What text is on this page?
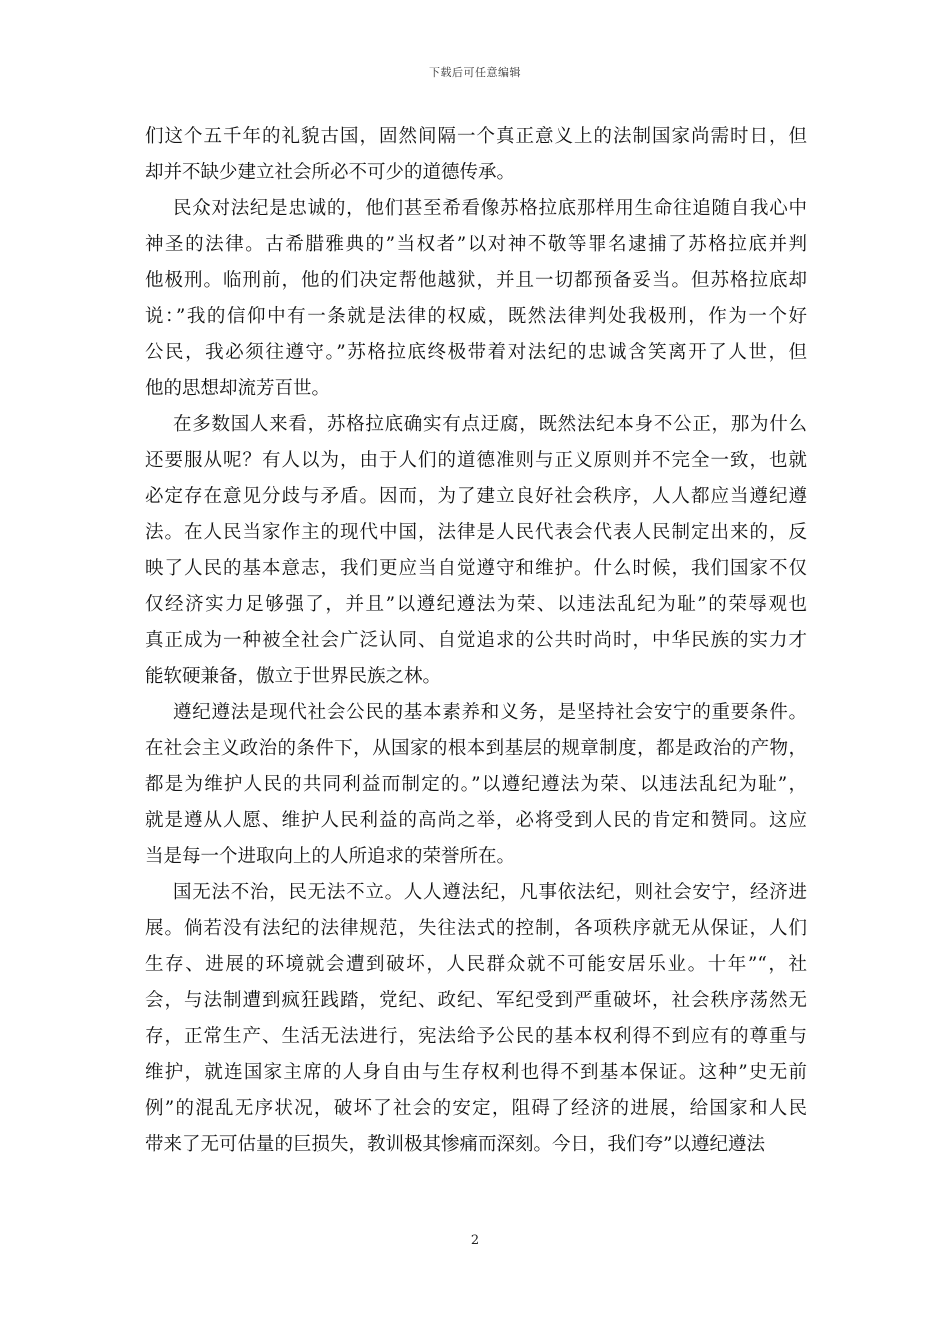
下载后可任意编辑
们这个五千年的礼貌古国，固然间隔一个真正意义上的法制国家尚需时日，但
却并不缺少建立社会所必不可少的道德传承。
民众对法纪是忠诚的，他们甚至希看像苏格拉底那样用生命往追随自我心中
神圣的法律。古希腊雅典的”当权者”以对神不敬等罪名逮捕了苏格拉底并判
他极刑。临刑前，他的们决定帮他越狱，并且一切都预备妥当。但苏格拉底却
说：”我的信仰中有一条就是法律的权威，既然法律判处我极刑，作为一个好
公民，我必须往遵守。”苏格拉底终极带着对法纪的忠诚含笑离开了人世，但
他的思想却流芳百世。
在多数国人来看，苏格拉底确实有点迂腐，既然法纪本身不公正，那为什么
还要服从呢？有人以为，由于人们的道德准则与正义原则并不完全一致，也就
必定存在意见分歧与矛盾。因而，为了建立良好社会秩序，人人都应当遵纪遵
法。在人民当家作主的现代中国，法律是人民代表会代表人民制定出来的，反
映了人民的基本意志，我们更应当自觉遵守和维护。什么时候，我们国家不仅
仅经济实力足够强了，并且”以遵纪遵法为荣、以违法乱纪为耻”的荣辱观也
真正成为一种被全社会广泛认同、自觉追求的公共时尚时，中华民族的实力才
能软硬兼备，傲立于世界民族之林。
遵纪遵法是现代社会公民的基本素养和义务，是坚持社会安宁的重要条件。
在社会主义政治的条件下，从国家的根本到基层的规章制度，都是政治的产物，
都是为维护人民的共同利益而制定的。”以遵纪遵法为荣、以违法乱纪为耻”，
就是遵从人愿、维护人民利益的高尚之举，必将受到人民的肯定和赞同。这应
当是每一个进取向上的人所追求的荣誉所在。
国无法不治，民无法不立。人人遵法纪，凡事依法纪，则社会安宁，经济进
展。倘若没有法纪的法律规范，失往法式的控制，各项秩序就无从保证，人们
生存、进展的环境就会遭到破坏，人民群众就不可能安居乐业。十年”“，社
会，与法制遭到疯狂践踏，党纪、政纪、军纪受到严重破坏，社会秩序荡然无
存，正常生产、生活无法进行，宪法给予公民的基本权利得不到应有的尊重与
维护，就连国家主席的人身自由与生存权利也得不到基本保证。这种”史无前
例”的混乱无序状况，破坏了社会的安定，阻碍了经济的进展，给国家和人民
带来了无可估量的巨损失，教训极其惨痛而深刻。今日，我们夸”以遵纪遵法
2
